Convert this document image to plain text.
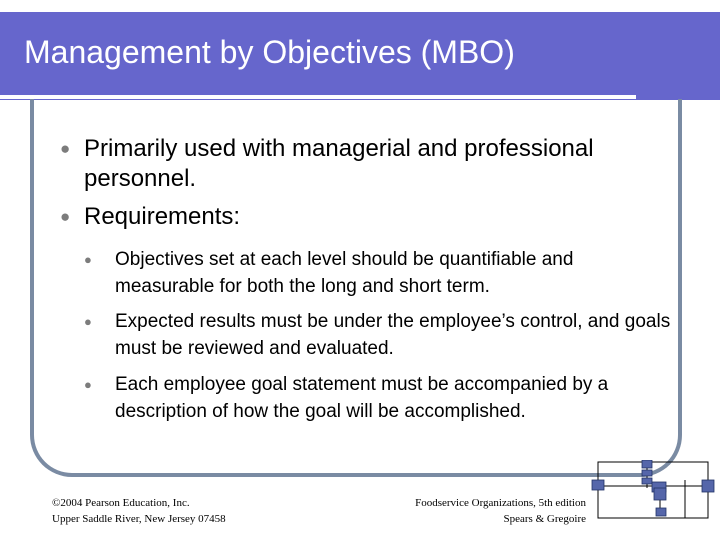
Management by Objectives (MBO)
● Primarily used with managerial and professional personnel.
● Requirements:
●	Objectives set at each level should be quantifiable and measurable for both the long and short term.
●	Expected results must be under the employee’s control, and goals must be reviewed and evaluated.
●	Each employee goal statement must be accompanied by a description of how the goal will be accomplished.
©2004 Pearson Education, Inc.
Upper Saddle River, New Jersey 07458
Foodservice Organizations, 5th edition
Spears & Gregoire
